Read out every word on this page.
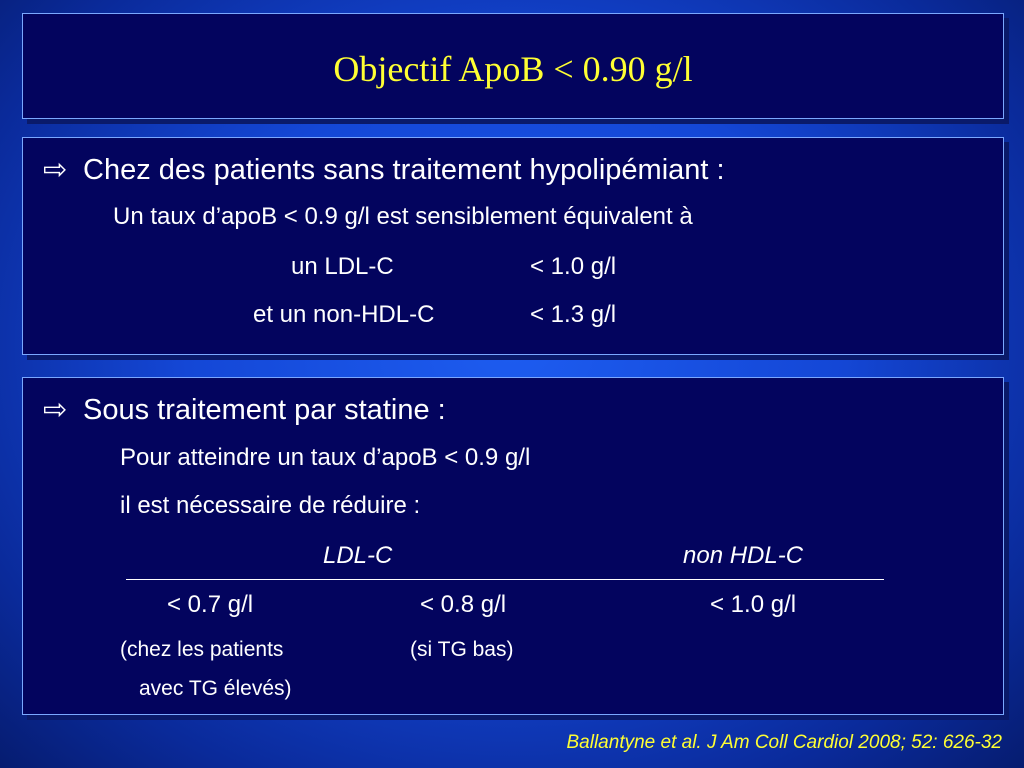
Objectif ApoB < 0.90 g/l
⇨ Chez des patients sans traitement hypolipémiant :
Un taux d’apoB < 0.9 g/l est sensiblement équivalent à
un LDL-C	< 1.0 g/l
et un non-HDL-C	< 1.3 g/l
⇨ Sous traitement par statine :
Pour atteindre un taux d’apoB < 0.9 g/l
il est nécessaire de réduire :
LDL-C	non HDL-C
< 0.7 g/l	< 0.8 g/l	< 1.0 g/l
(chez les patients	(si TG bas)
avec TG élevés)
Ballantyne et al. J Am Coll Cardiol 2008; 52: 626-32
